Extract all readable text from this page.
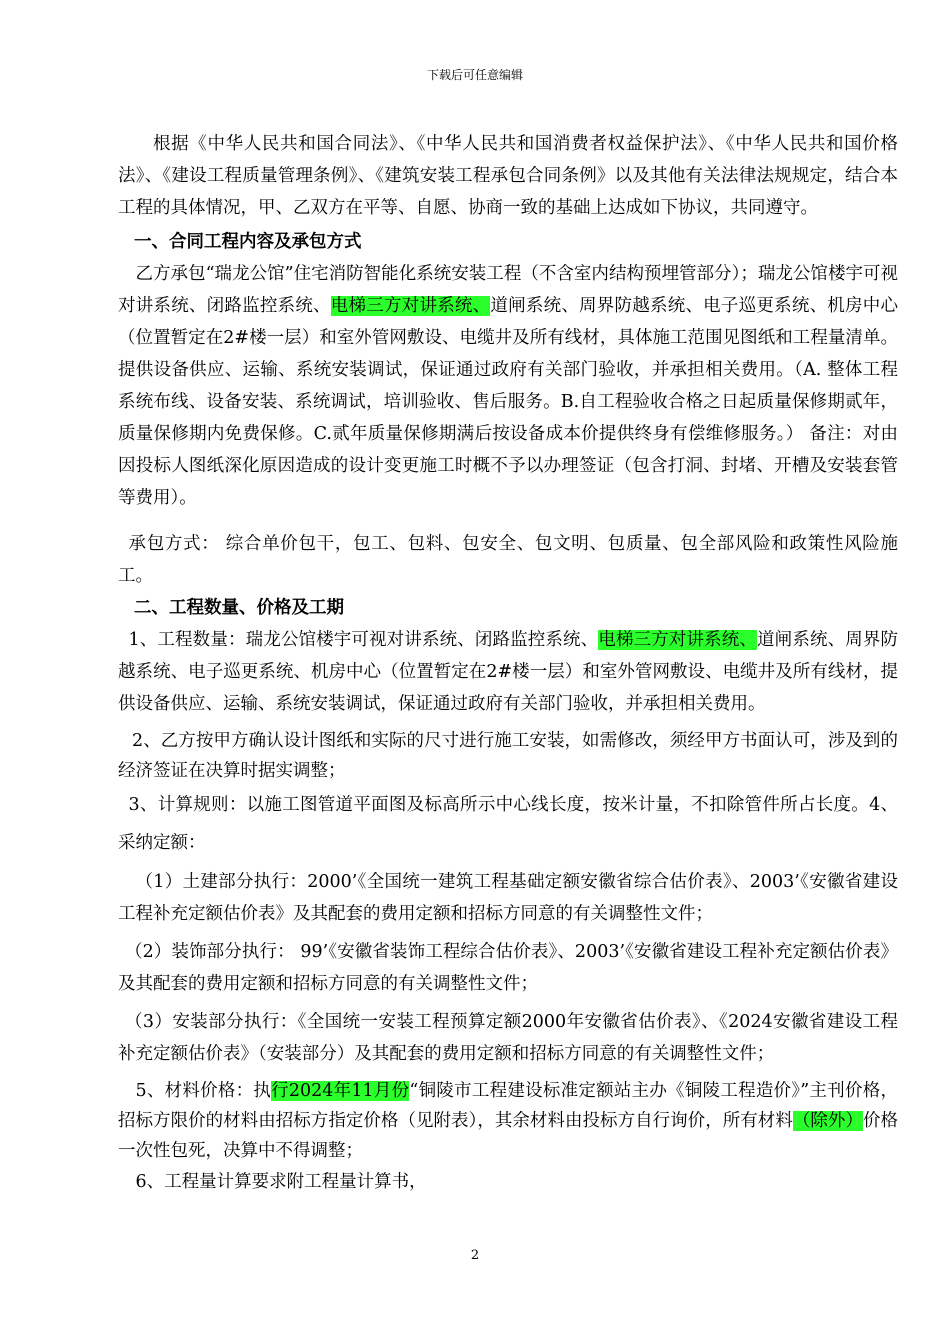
下载后可任意编辑

根据《中华人民共和国合同法》、《中华人民共和国消费者权益保护法》、《中华人民共和国价格法》、《建设工程质量管理条例》、《建筑安装工程承包合同条例》以及其他有关法律法规规定，结合本工程的具体情况，甲、乙双方在平等、自愿、协商一致的基础上达成如下协议，共同遵守。

一、合同工程内容及承包方式

乙方承包“瑞龙公馆”住宅消防智能化系统安装工程（不含室内结构预埋管部分）；瑞龙公馆楼宇可视对讲系统、闭路监控系统、电梯三方对讲系统、道闸系统、周界防越系统、电子巡更系统、机房中心（位置暂定在2#楼一层）和室外管网敷设、电缆井及所有线材，具体施工范围见图纸和工程量清单。提供设备供应、运输、系统安装调试，保证通过政府有关部门验收，并承担相关费用。（A. 整体工程系统布线、设备安装、系统调试，培训验收、售后服务。B.自工程验收合格之日起质量保修期贰年，质量保修期内免费保修。C.贰年质量保修期满后按设备成本价提供终身有偿维修服务。） 备注：对由因投标人图纸深化原因造成的设计变更施工时概不予以办理签证（包含打洞、封堵、开槽及安装套管等费用）。

承包方式： 综合单价包干，包工、包料、包安全、包文明、包质量、包全部风险和政策性风险施工。

二、工程数量、价格及工期

1、工程数量：瑞龙公馆楼宇可视对讲系统、闭路监控系统、电梯三方对讲系统、道闸系统、周界防越系统、电子巡更系统、机房中心（位置暂定在2#楼一层）和室外管网敷设、电缆井及所有线材，提供设备供应、运输、系统安装调试，保证通过政府有关部门验收，并承担相关费用。

2、乙方按甲方确认设计图纸和实际的尺寸进行施工安装，如需修改，须经甲方书面认可，涉及到的经济签证在决算时据实调整；

3、计算规则：以施工图管道平面图及标高所示中心线长度，按米计量，不扣除管件所占长度。4、采纳定额：

（1）土建部分执行：2000’《全国统一建筑工程基础定额安徽省综合估价表》、2003’《安徽省建设工程补充定额估价表》及其配套的费用定额和招标方同意的有关调整性文件；

（2）装饰部分执行： 99’《安徽省装饰工程综合估价表》、2003’《安徽省建设工程补充定额估价表》及其配套的费用定额和招标方同意的有关调整性文件；

（3）安装部分执行：《全国统一安装工程预算定额2000年安徽省估价表》、《2024安徽省建设工程补充定额估价表》（安装部分）及其配套的费用定额和招标方同意的有关调整性文件；

5、材料价格：执行2024年11月份“铜陵市工程建设标准定额站主办《铜陵工程造价》”主刊价格，招标方限价的材料由招标方指定价格（见附表），其余材料由投标方自行询价，所有材料（除外）价格一次性包死，决算中不得调整；

6、工程量计算要求附工程量计算书，

2
